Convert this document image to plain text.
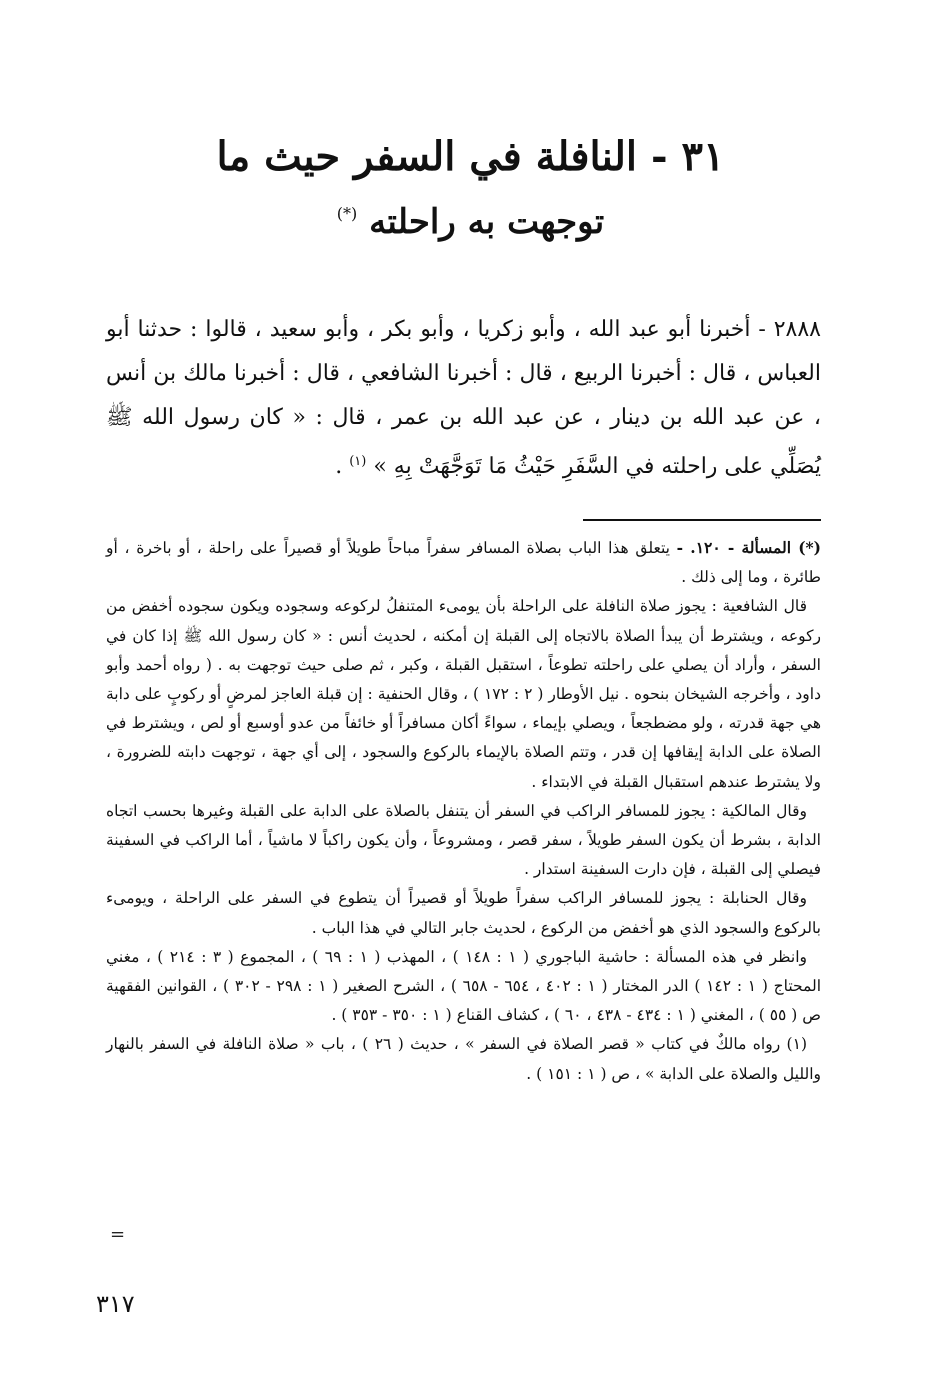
٣١ - النافلة في السفر حيث ما
توجهت به راحلته (*)

٢٨٨٨ - أخبرنا أبو عبد الله ، وأبو زكريا ، وأبو بكر ، وأبو سعيد ، قالوا : حدثنا أبو العباس ، قال : أخبرنا الربيع ، قال : أخبرنا الشافعي ، قال : أخبرنا مالك بن أنس ، عن عبد الله بن دينار ، عن عبد الله بن عمر ، قال : « كان رسول الله ﷺ يُصَلِّي على راحلته في السَّفَرِ حَيْثُ مَا تَوَجَّهَتْ بِهِ » $^{(١)}$ .

(*) المسألة - ١٢٠. - يتعلق هذا الباب بصلاة المسافر سفراً مباحاً طويلاً أو قصيراً على راحلة ، أو باخرة ، أو طائرة ، وما إلى ذلك .

قال الشافعية : يجوز صلاة النافلة على الراحلة بأن يومىء المتنفلُ لركوعه وسجوده ويكون سجوده أخفض من ركوعه ، ويشترط أن يبدأ الصلاة بالاتجاه إلى القبلة إن أمكنه ، لحديث أنس : « كان رسول الله ﷺ إذا كان في السفر ، وأراد أن يصلي على راحلته تطوعاً ، استقبل القبلة ، وكبر ، ثم صلى حيث توجهت به . ( رواه أحمد وأبو داود ، وأخرجه الشيخان بنحوه . نيل الأوطار ( ٢ : ١٧٢ ) ، وقال الحنفية : إن قبلة العاجز لمرضٍ أو ركوبٍ على دابة هي جهة قدرته ، ولو مضطجعاً ، ويصلي بإيماء ، سواءً أكان مسافراً أو خائفاً من عدو أوسبع أو لص ، ويشترط في الصلاة على الدابة إيقافها إن قدر ، وتتم الصلاة بالإيماء بالركوع والسجود ، إلى أي جهة ، توجهت دابته للضرورة ، ولا يشترط عندهم استقبال القبلة في الابتداء .

وقال المالكية : يجوز للمسافر الراكب في السفر أن يتنفل بالصلاة على الدابة على القبلة وغيرها بحسب اتجاه الدابة ، بشرط أن يكون السفر طويلاً ، سفر قصر ، ومشروعاً ، وأن يكون راكباً لا ماشياً ، أما الراكب في السفينة فيصلي إلى القبلة ، فإن دارت السفينة استدار .

وقال الحنابلة : يجوز للمسافر الراكب سفراً طويلاً أو قصيراً أن يتطوع في السفر على الراحلة ، ويومىء بالركوع والسجود الذي هو أخفض من الركوع ، لحديث جابر التالي في هذا الباب .

وانظر في هذه المسألة : حاشية الباجوري ( ١ : ١٤٨ ) ، المهذب ( ١ : ٦٩ ) ، المجموع ( ٣ : ٢١٤ ) ، مغني المحتاج ( ١ : ١٤٢ ) الدر المختار ( ١ : ٤٠٢ ، ٦٥٤ - ٦٥٨ ) ، الشرح الصغير ( ١ : ٢٩٨ - ٣٠٢ ) ، القوانين الفقهية ص ( ٥٥ ) ، المغني ( ١ : ٤٣٤ - ٤٣٨ ، ٦٠ ) ، كشاف القناع ( ١ : ٣٥٠ - ٣٥٣ ) .

(١) رواه مالكٌ في كتاب « قصر الصلاة في السفر » ، حديث ( ٢٦ ) ، باب « صلاة النافلة في السفر بالنهار والليل والصلاة على الدابة » ، ص ( ١ : ١٥١ ) .

=
٣١٧
